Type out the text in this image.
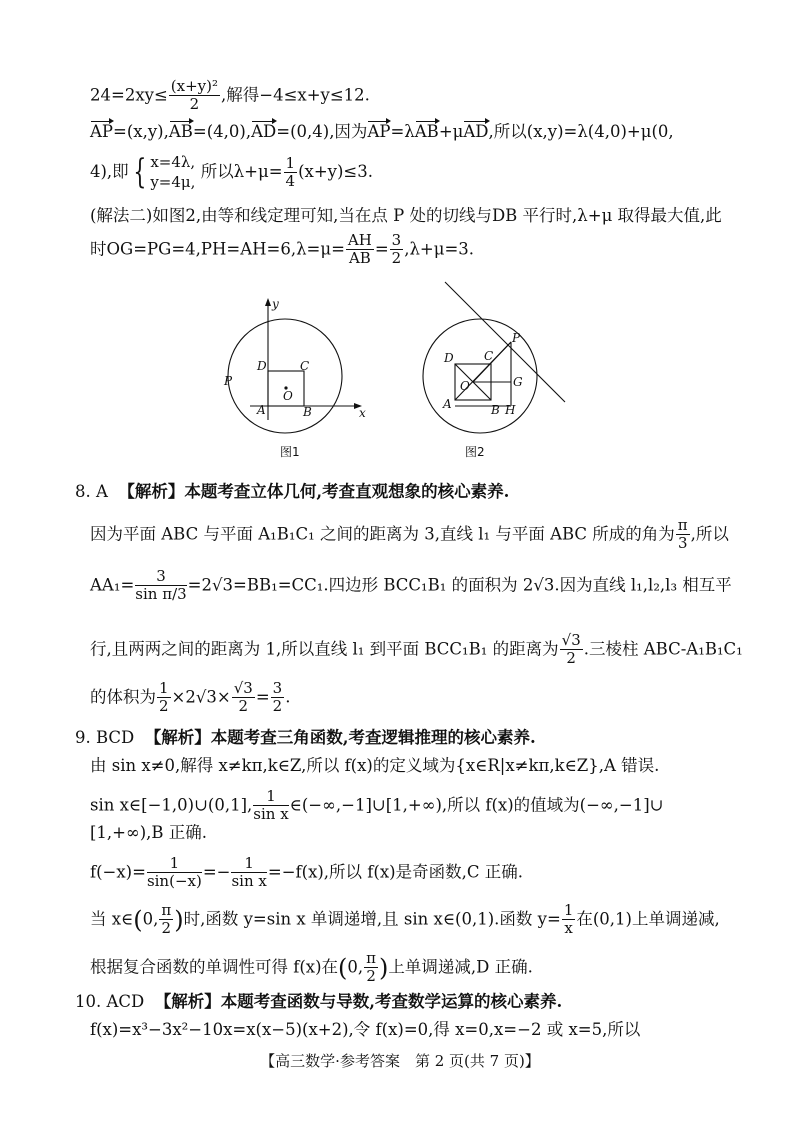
$24=2xy\le \frac{\text{(x+y)²}}{2}$ ,解得−4≤x+y≤12.
AP=(x,y),AB=(4,0),AD=(0,4),因为AP=λAB+μAD,所以(x,y)=λ(4,0)+μ(0,
4),即 { x=4λ,
y=4μ,
所以$\lambda+\mu= \frac{1}{4} (x+y)\le 3$.
(解法二)如图2,由等和线定理可知,当在点 P 处的切线与DB 平行时,λ+μ 取得最大值,此
时$OG=PG=4,PH=AH=6,\lambda=\mu= \frac{AH}{AB} = \frac{3}{2} ,\lambda+\mu=3$.
y
x
P
D	C
O
A	B
图1
P
D	C
O	G
A	B H
图2
8. A 【解析】本题考查立体几何,考查直观想象的核心素养.
因为平面 ABC 与平面 A₁B₁C₁ 之间的距离为 3,直线 l₁ 与平面 ABC 所成的角为 $\frac{\pi}{3}$ ,所以
$AA_1= \frac{3}{\text{sin π/3}} =2√3=BB_1=CC_1$.四边形 BCC₁B₁ 的面积为 2√3.因为直线 l₁,l₂,l₃ 相互平
行,且两两之间的距离为 1,所以直线 l₁ 到平面 BCC₁B₁ 的距离为 $\frac{√3}{2}$ .三棱柱 ABC-A₁B₁C₁
的体积为 $\frac{1}{2} \times 2√3\times \frac{√3}{2} = \frac{3}{2}$ .
9. BCD 【解析】本题考查三角函数,考查逻辑推理的核心素养.
由 sin x≠0,解得 x≠kπ,k∈Z,所以 f(x)的定义域为{x∈R|x≠kπ,k∈Z},A 错误.
sin x∈[−1,0)∪(0,1], $\frac{1}{\text{sin x}}$ ∈(−∞,−1]∪[1,+∞),所以 f(x)的值域为(−∞,−1]∪
[1,+∞),B 正确.
$f(-x)= \frac{1}{\sin(-x)} =- \frac{1}{\text{sin x}} =-f(x)$,所以 f(x)是奇函数,C 正确.
当 x∈(0, $\frac{\pi}{2}$ )时,函数 y=sin x 单调递增,且 sin x∈(0,1).函数 $y= \frac{1}{x}$ 在(0,1)上单调递减,
根据复合函数的单调性可得 f(x)在(0, $\frac{\pi}{2}$ )上单调递减,D 正确.
10. ACD 【解析】本题考查函数与导数,考查数学运算的核心素养.
f(x)=x³−3x²−10x=x(x−5)(x+2),令 f(x)=0,得 x=0,x=−2 或 x=5,所以
【高三数学·参考答案　第 2 页(共 7 页)】
